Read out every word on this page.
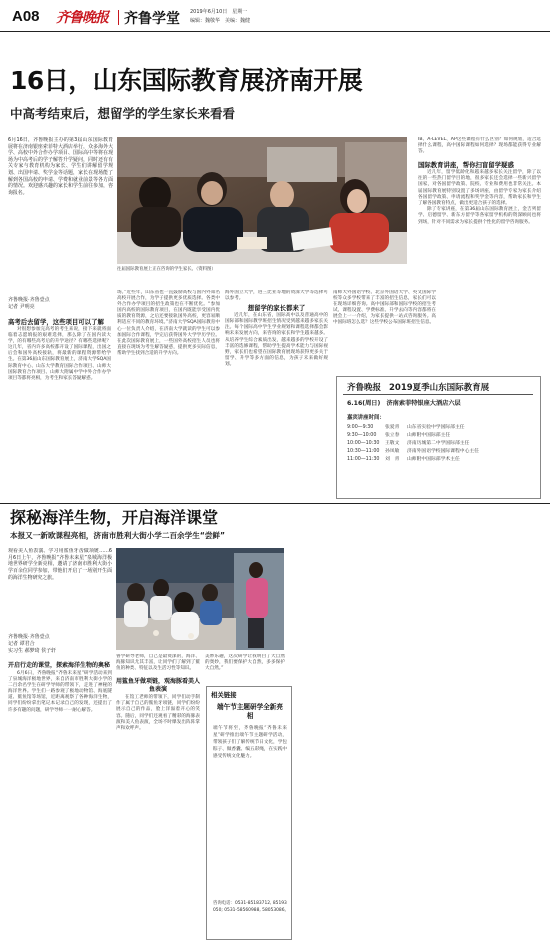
A08 齐鲁晚报 齐鲁学堂 2019年6月10日　星期一
编辑：魏敬华　美编：魏健
16日，山东国际教育展济南开展
中高考结束后，想留学的学生家长来看看

6月16日，齐鲁晚报主办的第3届山东国际教育展将在济南银座索菲特大酒店举行，众多海外大学、高校中外合作办学项目、国际高中等将在现场为中高考后的学子解答升学疑问，同时还有有关专家与教育机构为家长、学生们讲解留学规划、出国申请、奖学金等话题，家长在现场能了解到各国高校的申请、学费和就业前景等各方面的情况。欢迎感兴趣的家长和学生前往参加，咨询报名。

往届国际教育展上正在咨询的学生家长。（资料图）
齐鲁晚报·齐鲁壹点
记者 尹明亮
高考后去留学，这些项目可以了解

对很想参加完高考的考生来说，接下来就将面临着志愿填报的艰难选择，那么除了在国内读大学，的有哪些高考后的升学途径？有哪些选择呢？这几年，省内许多高校都开设了国际课程，出国之后会和国外高校接轨，将最新的课程资源带给学生。在第36届山东国际教育展上，济南大学SQA国际教育中心、山东大学教育国际合作项目、山师大国际教育合作项目、山师大附属中学中外合作办学项目等都将亮相，为考生和家长答疑解惑。

场。”近些年，山东省也一直鼓励高校与国内外知名高校开展合作，为学子提供更多优质选择。各类中外合作办学项目的招生政策也在不断优化。“参加国内高校的国际教育项目，在国内既能享受国内优质的教育资源，之后还要接轨国外高校，更容易顺利适应不同的教育环境。”济南大学SQA国际教育中心一位负责人介绍，在济南大学就读的学生可以参加国际合作课程，学完后获得国外大学学历学位。在此次国际教育展上，一些国外高校招生人员也将直接在现场为考生解答疑惑，提供更多实际信息，帮助学生找到合适的升学方向。

海外国立大学，进三比亚等地的资深大学等选择可以参考。

想留学的家长都来了

近几年，在山东省，国际高中以及普通高中的国际部和国际教学班招生情况受到越来越多家长关注。每个国际高中学生学业规划和课程选择都会影响未来发展方向，来咨询的家长和学生越来越多。从培养学生综合素质出发，越来越多的学校开设了丰富的选修课程，帮助学生提高学术能力与国际视野，家长们也希望在国际教育展现场获得更多关于留学、升学等多方面的信息，为孩子未来做好规划。

南师大外国语学校、北京外国语大学、英文国际学校等众多学校带来了丰富的招生信息，家长们可以在现场详细咨询。高中国际部和国际学校的招生考试、课程设置、学费标准、升学去向等内容都将在展会上一一介绍，为家长提供一站式咨询服务。高中国际班怎么选？这些学校公布国际班招生信息。

IB、A-LEVEL、AP这些课程有什么区别？如何规划，适合选择什么课程，高中国际课程如何选择？现场都能获得专业解答。

国际教育讲座，帮你扫盲留学疑惑

近几年，留学低龄化和越来越多家长关注留学，除了以往的一些热门留学目的地，很多家长还会选择一些新兴留学国家，对各国留学政策、院校、专业和费用也非常关注。本届国际教育展特别设置了多场讲座，由留学专家为家长介绍各国留学政策、申请流程和奖学金等内容，帮助家长和学生了解各国教育特点，做出更适合孩子的选择。

除了专家讲座，在第36届山东国际教育展上，金吉列留学、启德留学、新东方留学等各家留学机构的资深顾问也将到场，针对不同需求为家长提供个性化的留学咨询服务。

齐鲁晚报 2019夏季山东国际教育展
6.16(周日)　济南索菲特银座大酒店六层
嘉宾讲座时间：
9:00—9:30	张爱青	山东省实验中学国际部主任
9:30—10:00	张立春	山师附中国际部主任
10:00—10:30	王敬文	济南历城第二中学国际部主任
10:30—11:00	孙凤敏	济南外国语学校国际课程中心主任
11:00—11:30	刘　青	山师附中国际部学术主任
探秘海洋生物，开启海洋课堂
本报又一新欧课程亮相，济南市胜利大街小学二百余学生“尝鲜”

观看美人鱼表演、学习用鲨鱼牙齿做项链……6月6日上午，齐鲁晚报“齐鲁未来星”泉城海洋极地世界研学全新亮相，邀请了济南市胜利大街小学百余位同学参加，带他们开启了一场别开生面的海洋生物研究之旅。

齐鲁晚报·齐鲁壹点
记者 谭君合
实习生 郝梦琦 侯子轩
开启行走的课堂，探索海洋生物的奥秘

6月6日，齐鲁晚报“齐鲁未来星”研学活动来到了泉城海洋极地世界，来自济南市胜利大街小学的二百余名学生在研学导师的带领下，走进了神秘的海洋世界。学生们一路参观了极地动物馆、海底隧道、鲨鱼馆等场馆，近距离观察了各种海洋生物，同学们纷纷拿出笔记本记录自己的发现，还提出了许多有趣的问题，研学导师一一耐心解答。

鲁学研导老师，自己是最资深的，海洋、海豚知识尤其丰富，让同学们了解到了鲨鱼的种类、特征以及生活习性等知识。

用鲨鱼牙做项链，观海豚看美人鱼表演

在馆工老师的带领下，同学们动手制作了属于自己的鲨鱼牙项链，同学们纷纷展示自己的作品，脸上洋溢着开心的笑容。随后，同学们还观看了精彩的海豚表演和美人鱼表演，全场不时爆发出阵阵掌声和欢呼声。

美妙乐趣，这次研学让我明白了大自然的奥妙，我们要保护大自然，多多保护大自然。”

相关链接
端午节主题研学全新亮相
端午节将至，齐鲁晚报“齐鲁未来星”研学推出端午节主题研学活动，带领孩子们了解传统节日文化，学包粽子、做香囊、编五彩绳，在实践中感受传统文化魅力。
咨询电话：0531-85183712, 85193050; 0531-58560988, 58053086。
